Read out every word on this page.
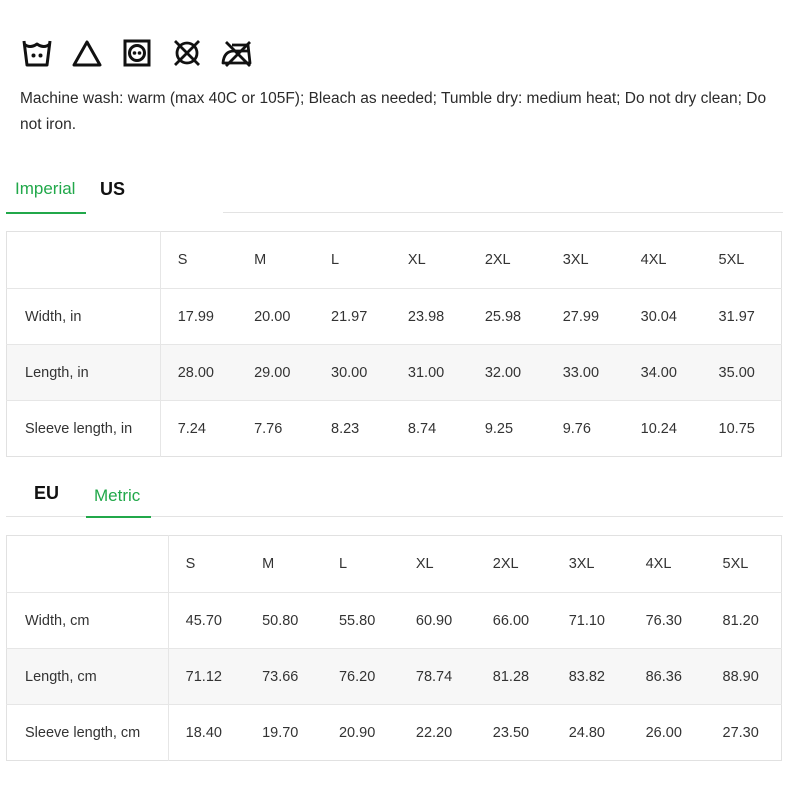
Machine wash: warm (max 40C or 105F); Bleach as needed; Tumble dry: medium heat; Do not dry clean; Do not iron.

Imperial	US
	S	M	L	XL	2XL	3XL	4XL	5XL
Width, in	17.99	20.00	21.97	23.98	25.98	27.99	30.04	31.97
Length, in	28.00	29.00	30.00	31.00	32.00	33.00	34.00	35.00
Sleeve length, in	7.24	7.76	8.23	8.74	9.25	9.76	10.24	10.75
EU	Metric
	S	M	L	XL	2XL	3XL	4XL	5XL
Width, cm	45.70	50.80	55.80	60.90	66.00	71.10	76.30	81.20
Length, cm	71.12	73.66	76.20	78.74	81.28	83.82	86.36	88.90
Sleeve length, cm	18.40	19.70	20.90	22.20	23.50	24.80	26.00	27.30
